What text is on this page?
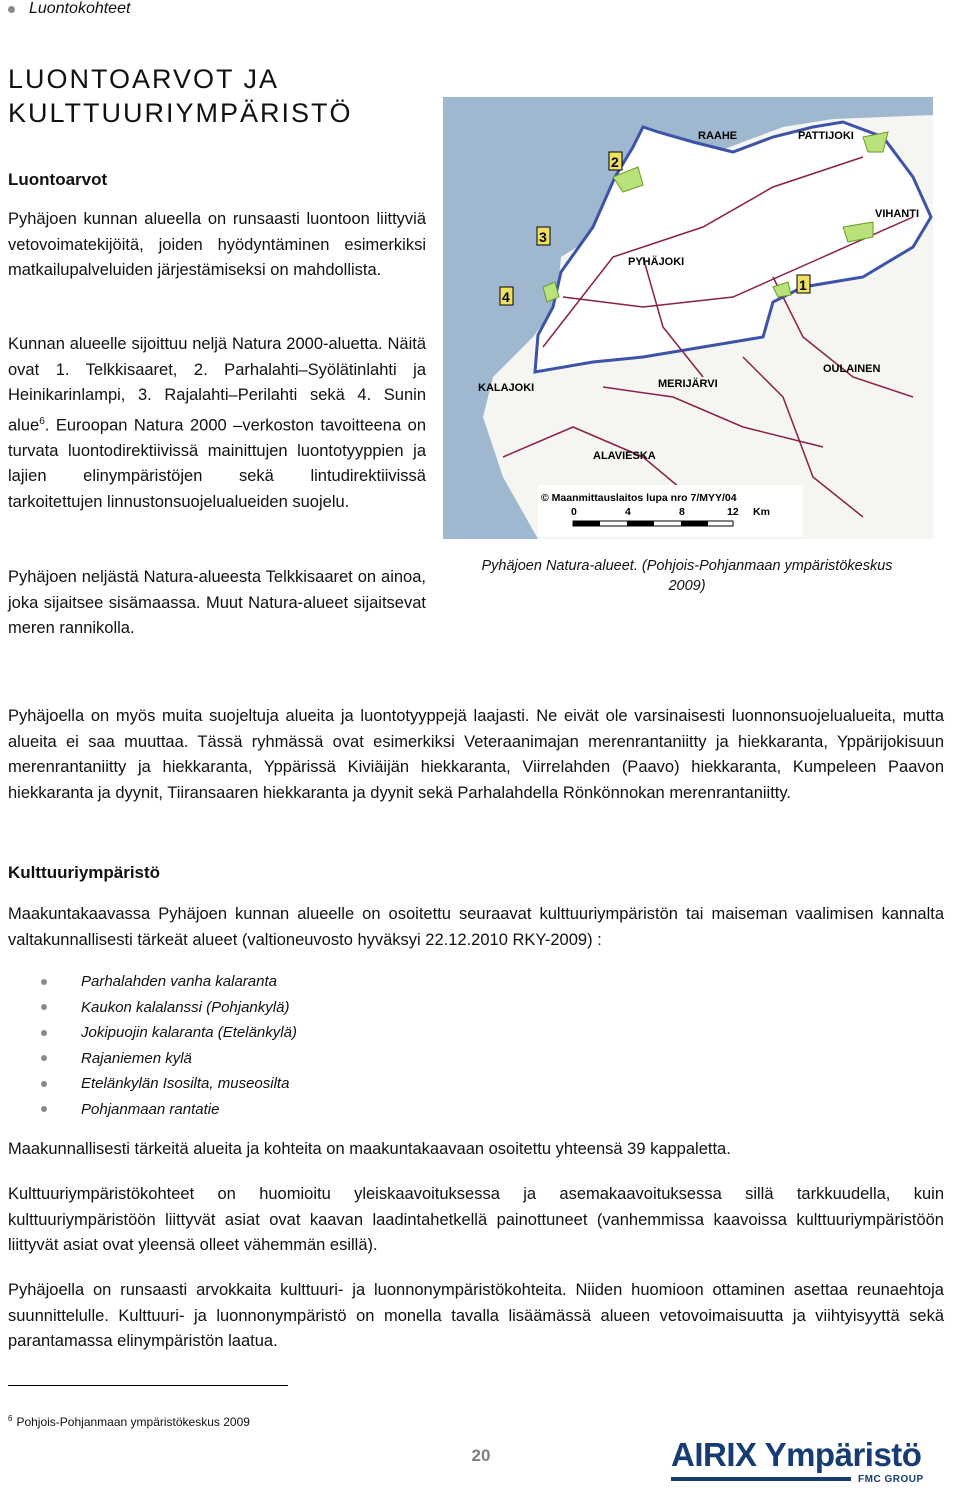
Luontokohteet
LUONTOARVOT JA KULTTUURIYMPÄRISTÖ
Luontoarvot
Pyhäjoen kunnan alueella on runsaasti luontoon liittyviä vetovoimatekijöitä, joiden hyödyntäminen esimerkiksi matkailupalveluiden järjestämiseksi on mahdollista.
Kunnan alueelle sijoittuu neljä Natura 2000-aluetta. Näitä ovat 1. Telkkisaaret, 2. Parhalahti–Syölätinlahti ja Heinikarinlampi, 3. Rajalahti–Perilahti sekä 4. Sunin alue$^6$. Euroopan Natura 2000 –verkoston tavoitteena on turvata luontodirektiivissä mainittujen luontotyyppien ja lajien elinympäristöjen sekä lintudirektiivissä tarkoitettujen linnustonsuojelualueiden suojelu.
Pyhäjoen neljästä Natura-alueesta Telkkisaaret on ainoa, joka sijaitsee sisämaassa. Muut Natura-alueet sijaitsevat meren rannikolla.
RAAHE	PATTIJOKI
VIHANTI
PYHÄJOKI
KALAJOKI	MERIJÄRVI
OULAINEN
ALAVIESKA
2
3
4
1
© Maanmittauslaitos lupa nro 7/MYY/04
0	4	8	12 Km
Pyhäjoen Natura-alueet. (Pohjois-Pohjanmaan ympäristökeskus 2009)
Pyhäjoella on myös muita suojeltuja alueita ja luontotyyppejä laajasti. Ne eivät ole varsinaisesti luonnonsuojelualueita, mutta alueita ei saa muuttaa. Tässä ryhmässä ovat esimerkiksi Veteraanimajan merenrantaniitty ja hiekkaranta, Yppärijokisuun merenrantaniitty ja hiekkaranta, Yppärissä Kiviäijän hiekkaranta, Viirrelahden (Paavo) hiekkaranta, Kumpeleen Paavon hiekkaranta ja dyynit, Tiiransaaren hiekkaranta ja dyynit sekä Parhalahdella Rönkönnokan merenrantaniitty.
Kulttuuriympäristö
Maakuntakaavassa Pyhäjoen kunnan alueelle on osoitettu seuraavat kulttuuriympäristön tai maiseman vaalimisen kannalta valtakunnallisesti tärkeät alueet (valtioneuvosto hyväksyi 22.12.2010 RKY-2009) :
Parhalahden vanha kalaranta
Kaukon kalalanssi (Pohjankylä)
Jokipuojin kalaranta (Etelänkylä)
Rajaniemen kylä
Etelänkylän Isosilta, museosilta
Pohjanmaan rantatie
Maakunnallisesti tärkeitä alueita ja kohteita on maakuntakaavaan osoitettu yhteensä 39 kappaletta.
Kulttuuriympäristökohteet on huomioitu yleiskaavoituksessa ja asemakaavoituksessa sillä tarkkuudella, kuin kulttuuriympäristöön liittyvät asiat ovat kaavan laadintahetkellä painottuneet (vanhemmissa kaavoissa kulttuuriympäristöön liittyvät asiat ovat yleensä olleet vähemmän esillä).
Pyhäjoella on runsaasti arvokkaita kulttuuri- ja luonnonympäristökohteita. Niiden huomioon ottaminen asettaa reunaehtoja suunnittelulle. Kulttuuri- ja luonnonympäristö on monella tavalla lisäämässä alueen vetovoimaisuutta ja viihtyisyyttä sekä parantamassa elinympäristön laatua.
$^6$ Pohjois-Pohjanmaan ympäristökeskus 2009
20	AIRIX Ympäristö
FMC GROUP
